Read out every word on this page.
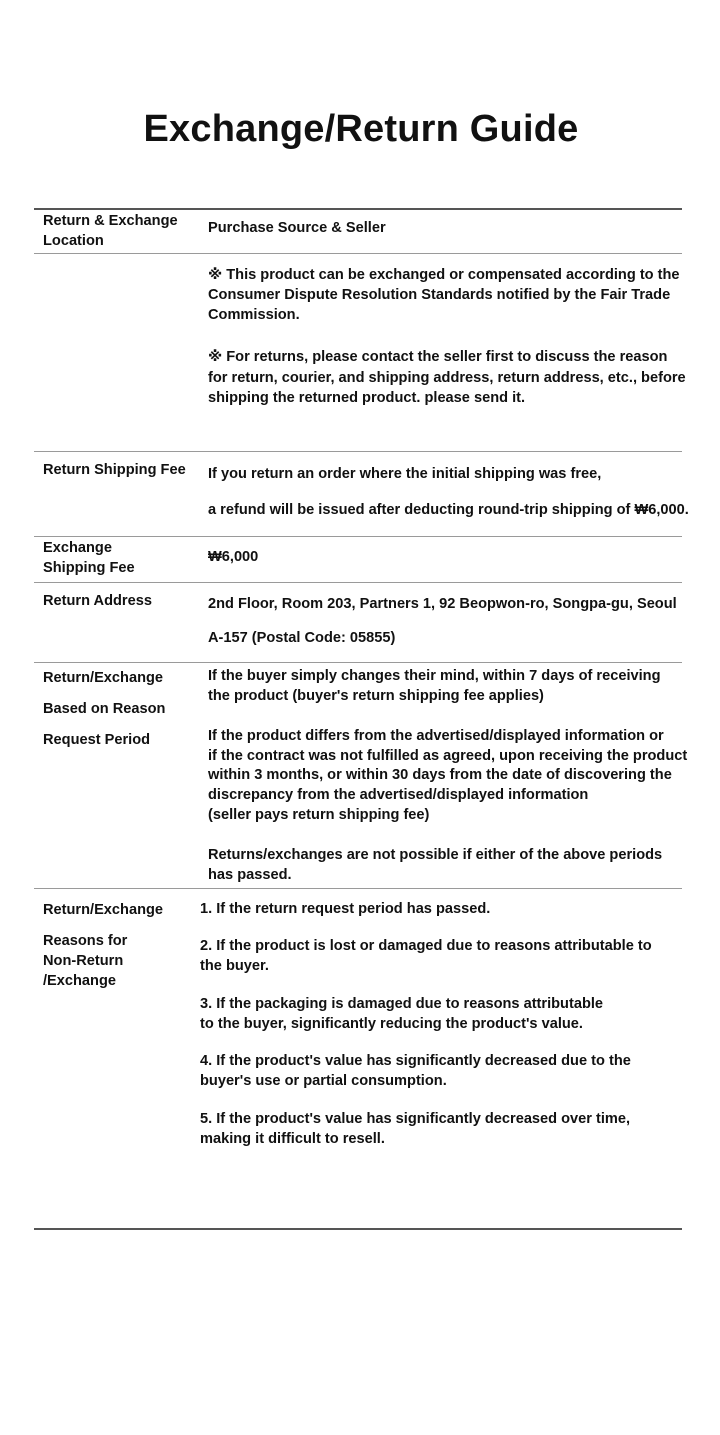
Exchange/Return Guide

Return & Exchange

Location

Purchase Source & Seller

※ This product can be exchanged or compensated according to the

Consumer Dispute Resolution Standards notified by the Fair Trade

Commission.

※ For returns, please contact the seller first to discuss the reason

for return, courier, and shipping address, return address, etc., before

shipping the returned product. please send it.

Return Shipping Fee If you return an order where the initial shipping was free,

a refund will be issued after deducting round-trip shipping of ₩6,000.

Exchange

Shipping Fee

₩6,000

Return Address	2nd Floor, Room 203, Partners 1, 92 Beopwon-ro, Songpa-gu, Seoul

A-157 (Postal Code: 05855)

Return/Exchange

Based on Reason

Request Period

If the buyer simply changes their mind, within 7 days of receiving

the product (buyer's return shipping fee applies)

If the product differs from the advertised/displayed information or

if the contract was not fulfilled as agreed, upon receiving the product

within 3 months, or within 30 days from the date of discovering the

discrepancy from the advertised/displayed information

(seller pays return shipping fee)

Returns/exchanges are not possible if either of the above periods

has passed.

Return/Exchange

Reasons for

Non-Return

/Exchange

1. If the return request period has passed.

2. If the product is lost or damaged due to reasons attributable to

the buyer.

3. If the packaging is damaged due to reasons attributable

to the buyer, significantly reducing the product's value.

4. If the product's value has significantly decreased due to the

buyer's use or partial consumption.

5. If the product's value has significantly decreased over time,

making it difficult to resell.
